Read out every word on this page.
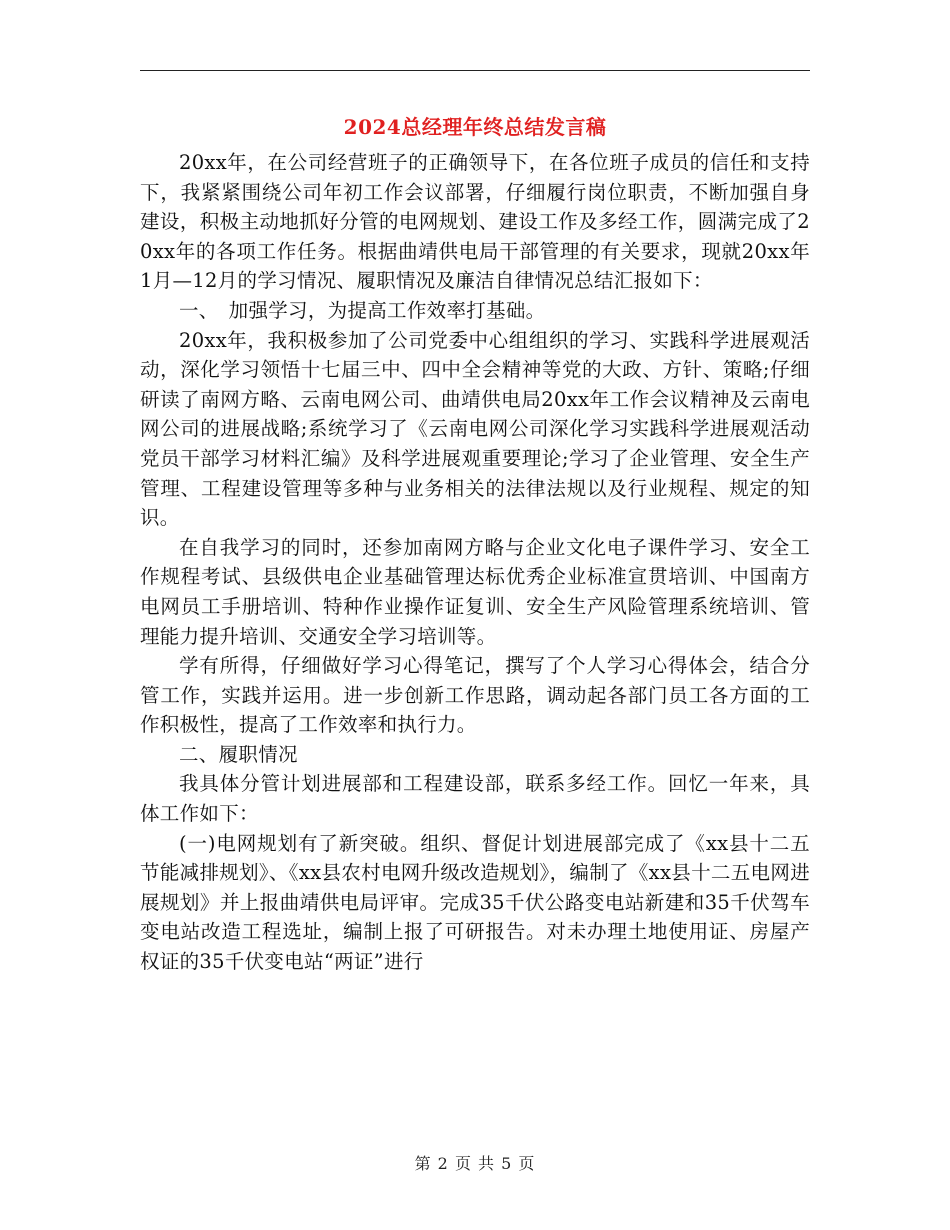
2024总经理年终总结发言稿

20xx年，在公司经营班子的正确领导下，在各位班子成员的信任和支持下，我紧紧围绕公司年初工作会议部署，仔细履行岗位职责，不断加强自身建设，积极主动地抓好分管的电网规划、建设工作及多经工作，圆满完成了20xx年的各项工作任务。根据曲靖供电局干部管理的有关要求，现就20xx年1月—12月的学习情况、履职情况及廉洁自律情况总结汇报如下：

一、　加强学习，为提高工作效率打基础。

20xx年，我积极参加了公司党委中心组组织的学习、实践科学进展观活动，深化学习领悟十七届三中、四中全会精神等党的大政、方针、策略;仔细研读了南网方略、云南电网公司、曲靖供电局20xx年工作会议精神及云南电网公司的进展战略;系统学习了《云南电网公司深化学习实践科学进展观活动党员干部学习材料汇编》及科学进展观重要理论;学习了企业管理、安全生产管理、工程建设管理等多种与业务相关的法律法规以及行业规程、规定的知识。

在自我学习的同时，还参加南网方略与企业文化电子课件学习、安全工作规程考试、县级供电企业基础管理达标优秀企业标准宣贯培训、中国南方电网员工手册培训、特种作业操作证复训、安全生产风险管理系统培训、管理能力提升培训、交通安全学习培训等。

学有所得，仔细做好学习心得笔记，撰写了个人学习心得体会，结合分管工作，实践并运用。进一步创新工作思路，调动起各部门员工各方面的工作积极性，提高了工作效率和执行力。

二、履职情况

我具体分管计划进展部和工程建设部，联系多经工作。回忆一年来，具体工作如下：

(一)电网规划有了新突破。组织、督促计划进展部完成了《xx县十二五节能减排规划》、《xx县农村电网升级改造规划》，编制了《xx县十二五电网进展规划》并上报曲靖供电局评审。完成35千伏公路变电站新建和35千伏驾车变电站改造工程选址，编制上报了可研报告。对未办理土地使用证、房屋产权证的35千伏变电站“两证”进行

第 2 页 共 5 页
